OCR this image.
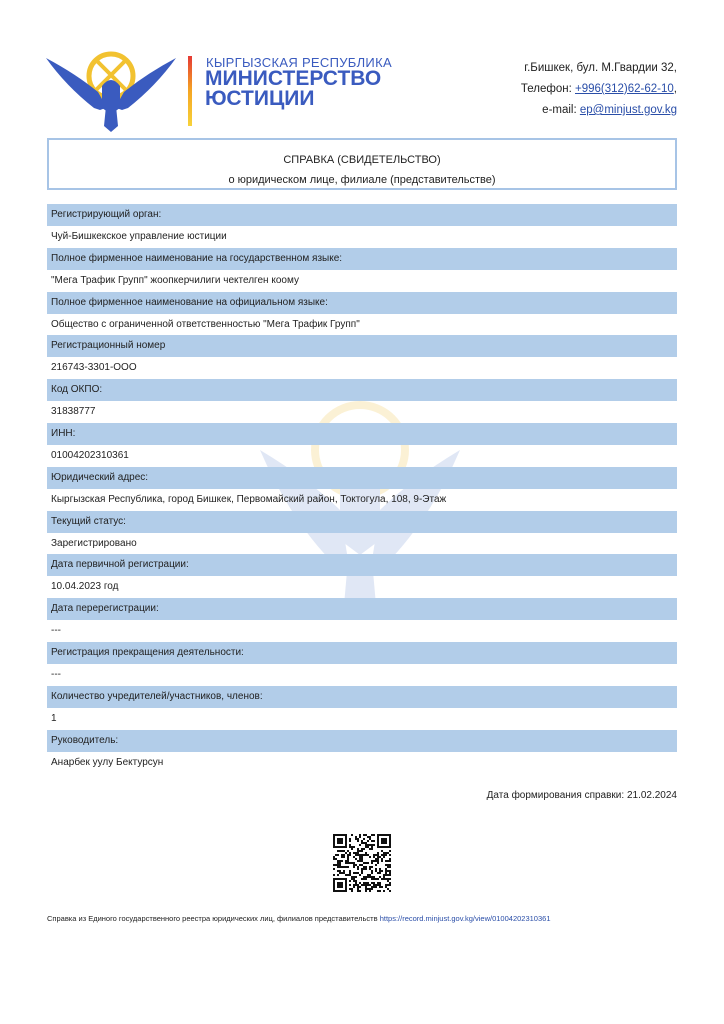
КЫРГЫЗСКАЯ РЕСПУБЛИКА
МИНИСТЕРСТВО
ЮСТИЦИИ
г.Бишкек, бул. М.Гвардии 32,
Телефон: +996(312)62-62-10,
e-mail: ep@minjust.gov.kg
СПРАВКА (СВИДЕТЕЛЬСТВО)
о юридическом лице, филиале (представительстве)
Регистрирующий орган:
Чуй-Бишкекское управление юстиции
Полное фирменное наименование на государственном языке:
"Мега Трафик Групп" жоопкерчилиги чектелген коому
Полное фирменное наименование на официальном языке:
Общество с ограниченной ответственностью "Мега Трафик Групп"
Регистрационный номер
216743-3301-ООО
Код ОКПО:
31838777
ИНН:
01004202310361
Юридический адрес:
Кыргызская Республика, город Бишкек, Первомайский район, Токтогула, 108, 9-Этаж
Текущий статус:
Зарегистрировано
Дата первичной регистрации:
10.04.2023 год
Дата перерегистрации:
---
Регистрация прекращения деятельности:
---
Количество учредителей/участников, членов:
1
Руководитель:
Анарбек уулу Бектурсун
Дата формирования справки: 21.02.2024
Справка из Единого государственного реестра юридических лиц, филиалов представительств https://record.minjust.gov.kg/view/01004202310361
